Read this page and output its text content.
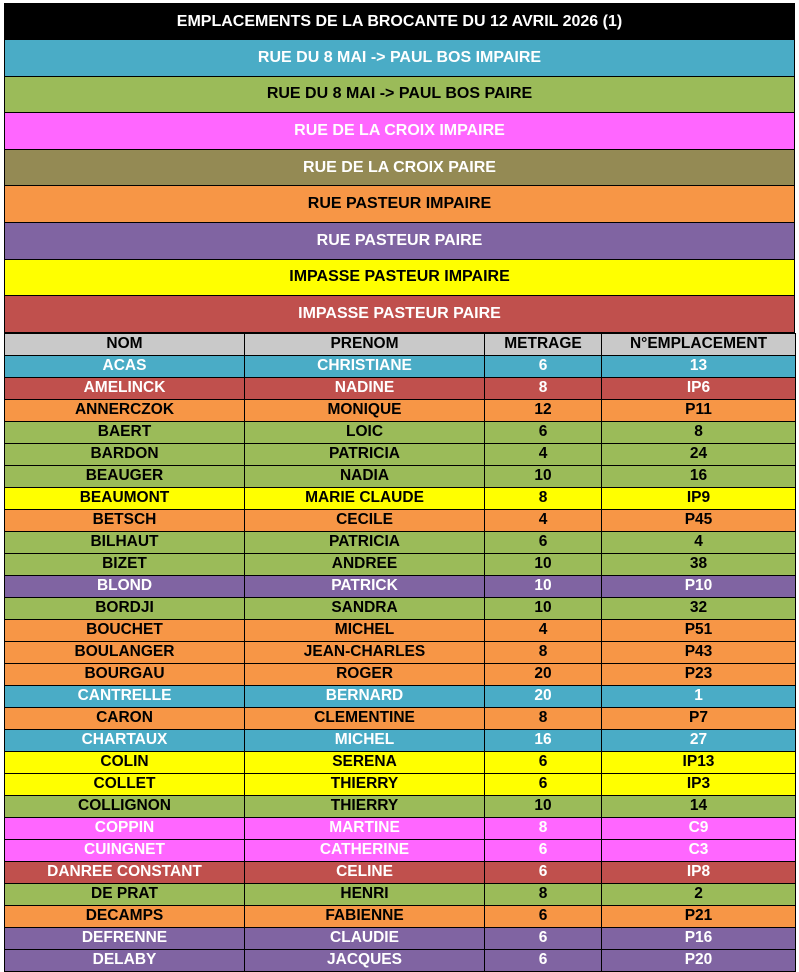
EMPLACEMENTS DE LA BROCANTE DU 12 AVRIL 2026 (1)
RUE DU 8 MAI -> PAUL BOS IMPAIRE
RUE DU 8 MAI -> PAUL BOS PAIRE
RUE DE LA CROIX IMPAIRE
RUE DE LA CROIX PAIRE
RUE PASTEUR IMPAIRE
RUE PASTEUR PAIRE
IMPASSE PASTEUR IMPAIRE
IMPASSE PASTEUR PAIRE
NOM	PRENOM	METRAGE	N°EMPLACEMENT
ACAS	CHRISTIANE	6	13
AMELINCK	NADINE	8	IP6
ANNERCZOK	MONIQUE	12	P11
BAERT	LOIC	6	8
BARDON	PATRICIA	4	24
BEAUGER	NADIA	10	16
BEAUMONT	MARIE CLAUDE	8	IP9
BETSCH	CECILE	4	P45
BILHAUT	PATRICIA	6	4
BIZET	ANDREE	10	38
BLOND	PATRICK	10	P10
BORDJI	SANDRA	10	32
BOUCHET	MICHEL	4	P51
BOULANGER	JEAN-CHARLES	8	P43
BOURGAU	ROGER	20	P23
CANTRELLE	BERNARD	20	1
CARON	CLEMENTINE	8	P7
CHARTAUX	MICHEL	16	27
COLIN	SERENA	6	IP13
COLLET	THIERRY	6	IP3
COLLIGNON	THIERRY	10	14
COPPIN	MARTINE	8	C9
CUINGNET	CATHERINE	6	C3
DANREE CONSTANT	CELINE	6	IP8
DE PRAT	HENRI	8	2
DECAMPS	FABIENNE	6	P21
DEFRENNE	CLAUDIE	6	P16
DELABY	JACQUES	6	P20
